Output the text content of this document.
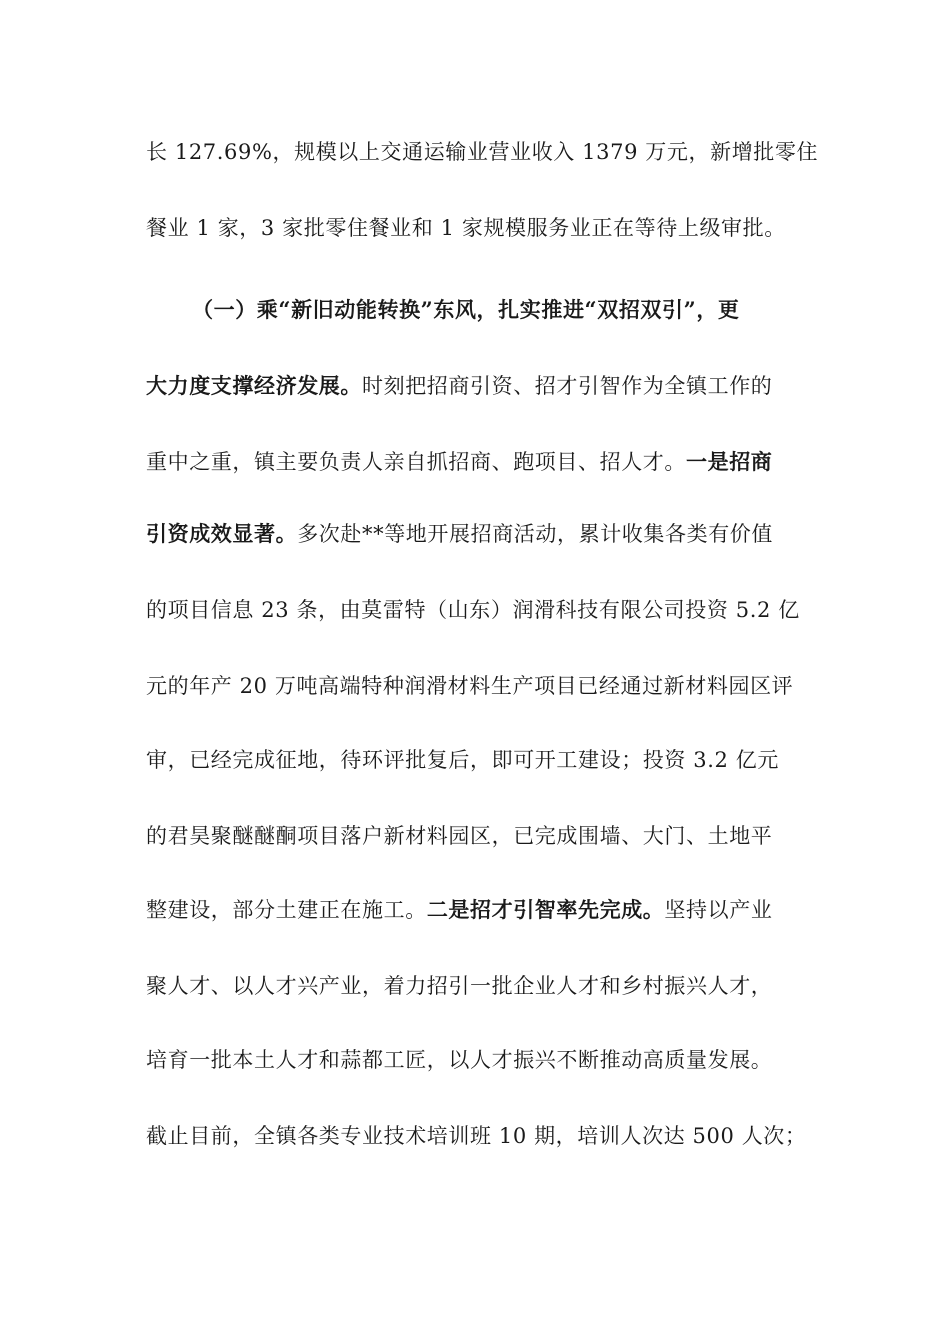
长 127.69%，规模以上交通运输业营业收入 1379 万元，新增批零住
餐业 1 家，3 家批零住餐业和 1 家规模服务业正在等待上级审批。
（一）乘“新旧动能转换”东风，扎实推进“双招双引”，更
大力度支撑经济发展。时刻把招商引资、招才引智作为全镇工作的
重中之重，镇主要负责人亲自抓招商、跑项目、招人才。一是招商
引资成效显著。多次赴**等地开展招商活动，累计收集各类有价值
的项目信息 23 条，由莫雷特（山东）润滑科技有限公司投资 5.2 亿
元的年产 20 万吨高端特种润滑材料生产项目已经通过新材料园区评
审，已经完成征地，待环评批复后，即可开工建设；投资 3.2 亿元
的君昊聚醚醚酮项目落户新材料园区，已完成围墙、大门、土地平
整建设，部分土建正在施工。二是招才引智率先完成。坚持以产业
聚人才、以人才兴产业，着力招引一批企业人才和乡村振兴人才，
培育一批本土人才和蒜都工匠，以人才振兴不断推动高质量发展。
截止目前，全镇各类专业技术培训班 10 期，培训人次达 500 人次；
